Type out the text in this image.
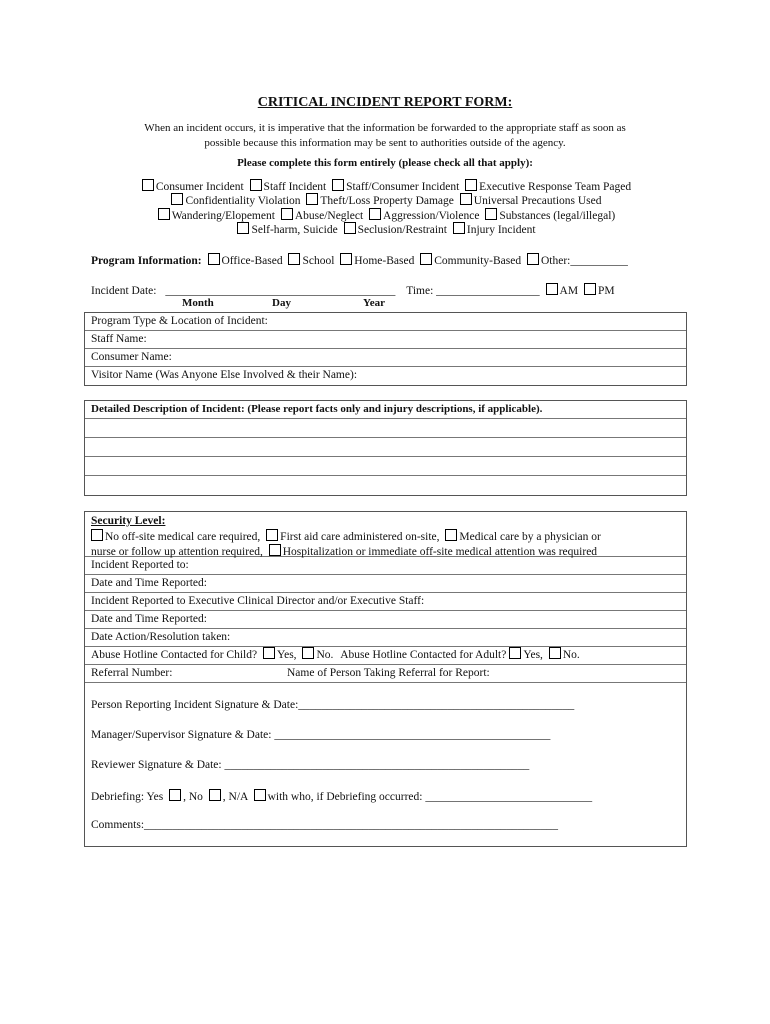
CRITICAL INCIDENT REPORT FORM:
When an incident occurs, it is imperative that the information be forwarded to the appropriate staff as soon as
possible because this information may be sent to authorities outside of the agency.
Please complete this form entirely (please check all that apply):
Consumer Incident Staff Incident Staff/Consumer Incident Executive Response Team Paged
Confidentiality Violation Theft/Loss Property Damage Universal Precautions Used
Wandering/Elopement Abuse/Neglect Aggression/Violence Substances (legal/illegal)
Self-harm, Suicide Seclusion/Restraint Injury Incident
Program Information: Office-Based School Home-Based Community-Based Other:__________
Incident Date: ________________________________________ Time: __________________ AM PM
Month	Day	Year
Program Type & Location of Incident:
Staff Name:
Consumer Name:
Visitor Name (Was Anyone Else Involved & their Name):
Detailed Description of Incident: (Please report facts only and injury descriptions, if applicable).
Security Level:
No off-site medical care required, First aid care administered on-site, Medical care by a physician or
nurse or follow up attention required, Hospitalization or immediate off-site medical attention was required
Incident Reported to:
Date and Time Reported:
Incident Reported to Executive Clinical Director and/or Executive Staff:
Date and Time Reported:
Date Action/Resolution taken:
Abuse Hotline Contacted for Child? Yes, No. Abuse Hotline Contacted for Adult? Yes, No.
Referral Number:	Name of Person Taking Referral for Report:
Person Reporting Incident Signature & Date:________________________________________________
Manager/Supervisor Signature & Date: ________________________________________________
Reviewer Signature & Date: _____________________________________________________
Debriefing: Yes , No , N/A with who, if Debriefing occurred: _____________________________
Comments:________________________________________________________________________
